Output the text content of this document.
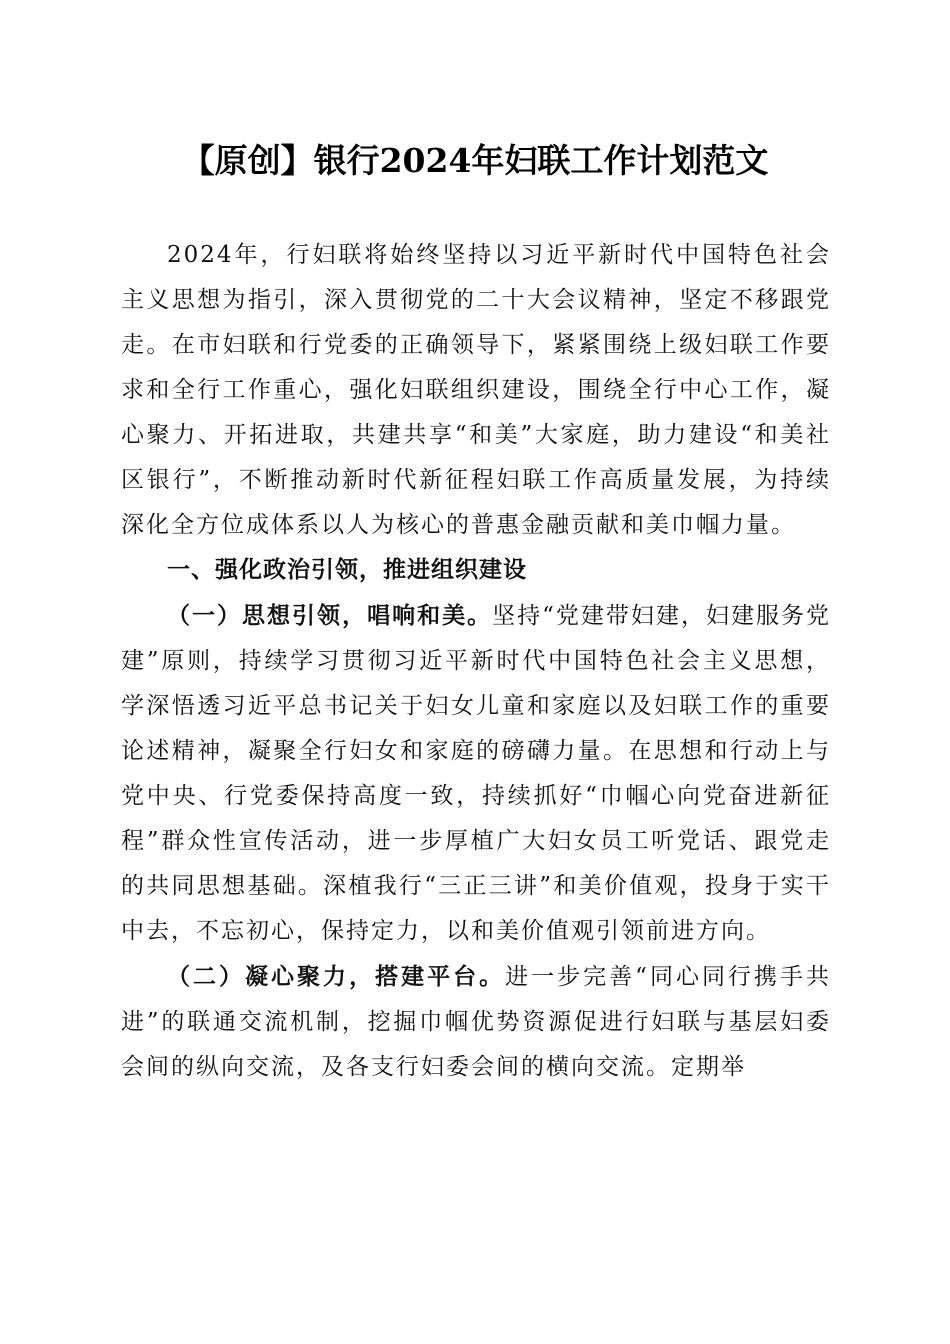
【原创】银行2024年妇联工作计划范文

2024年，行妇联将始终坚持以习近平新时代中国特色社会主义思想为指引，深入贯彻党的二十大会议精神，坚定不移跟党走。在市妇联和行党委的正确领导下，紧紧围绕上级妇联工作要求和全行工作重心，强化妇联组织建设，围绕全行中心工作，凝心聚力、开拓进取，共建共享“和美”大家庭，助力建设“和美社区银行”，不断推动新时代新征程妇联工作高质量发展，为持续深化全方位成体系以人为核心的普惠金融贡献和美巾帼力量。

一、强化政治引领，推进组织建设

（一）思想引领，唱响和美。坚持“党建带妇建，妇建服务党建”原则，持续学习贯彻习近平新时代中国特色社会主义思想，学深悟透习近平总书记关于妇女儿童和家庭以及妇联工作的重要论述精神，凝聚全行妇女和家庭的磅礴力量。在思想和行动上与党中央、行党委保持高度一致，持续抓好“巾帼心向党奋进新征程”群众性宣传活动，进一步厚植广大妇女员工听党话、跟党走的共同思想基础。深植我行“三正三讲”和美价值观，投身于实干中去，不忘初心，保持定力，以和美价值观引领前进方向。

（二）凝心聚力，搭建平台。进一步完善“同心同行携手共进”的联通交流机制，挖掘巾帼优势资源促进行妇联与基层妇委会间的纵向交流，及各支行妇委会间的横向交流。定期举
